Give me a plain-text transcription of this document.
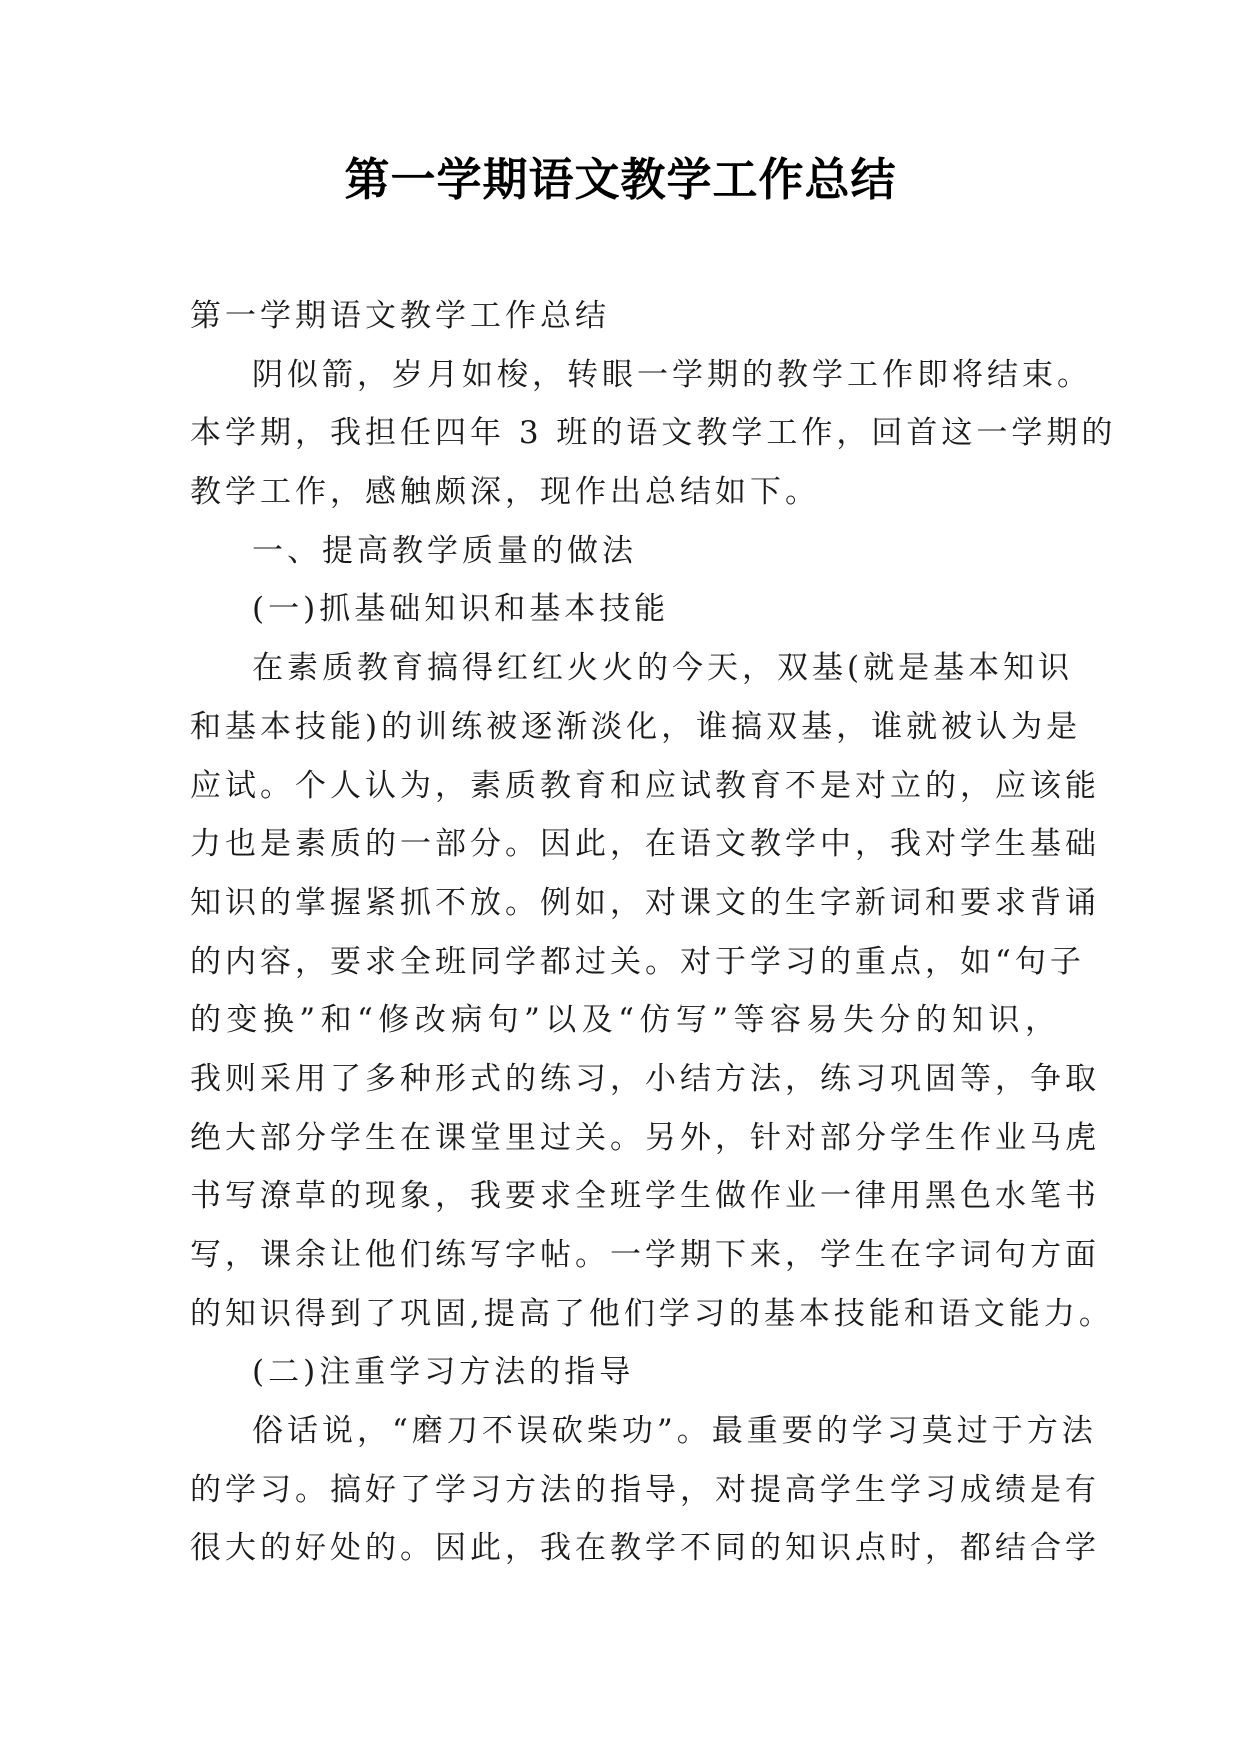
第一学期语文教学工作总结
第一学期语文教学工作总结
阴似箭，岁月如梭，转眼一学期的教学工作即将结束。
本学期，我担任四年 3 班的语文教学工作，回首这一学期的
教学工作，感触颇深，现作出总结如下。
一、提高教学质量的做法
(一)抓基础知识和基本技能
在素质教育搞得红红火火的今天，双基(就是基本知识
和基本技能)的训练被逐渐淡化，谁搞双基，谁就被认为是
应试。个人认为，素质教育和应试教育不是对立的，应该能
力也是素质的一部分。因此，在语文教学中，我对学生基础
知识的掌握紧抓不放。例如，对课文的生字新词和要求背诵
的内容，要求全班同学都过关。对于学习的重点，如“句子
的变换”和“修改病句”以及“仿写”等容易失分的知识，
我则采用了多种形式的练习，小结方法，练习巩固等，争取
绝大部分学生在课堂里过关。另外，针对部分学生作业马虎
书写潦草的现象，我要求全班学生做作业一律用黑色水笔书
写，课余让他们练写字帖。一学期下来，学生在字词句方面
的知识得到了巩固,提高了他们学习的基本技能和语文能力。
(二)注重学习方法的指导
俗话说，“磨刀不误砍柴功”。最重要的学习莫过于方法
的学习。搞好了学习方法的指导，对提高学生学习成绩是有
很大的好处的。因此，我在教学不同的知识点时，都结合学
